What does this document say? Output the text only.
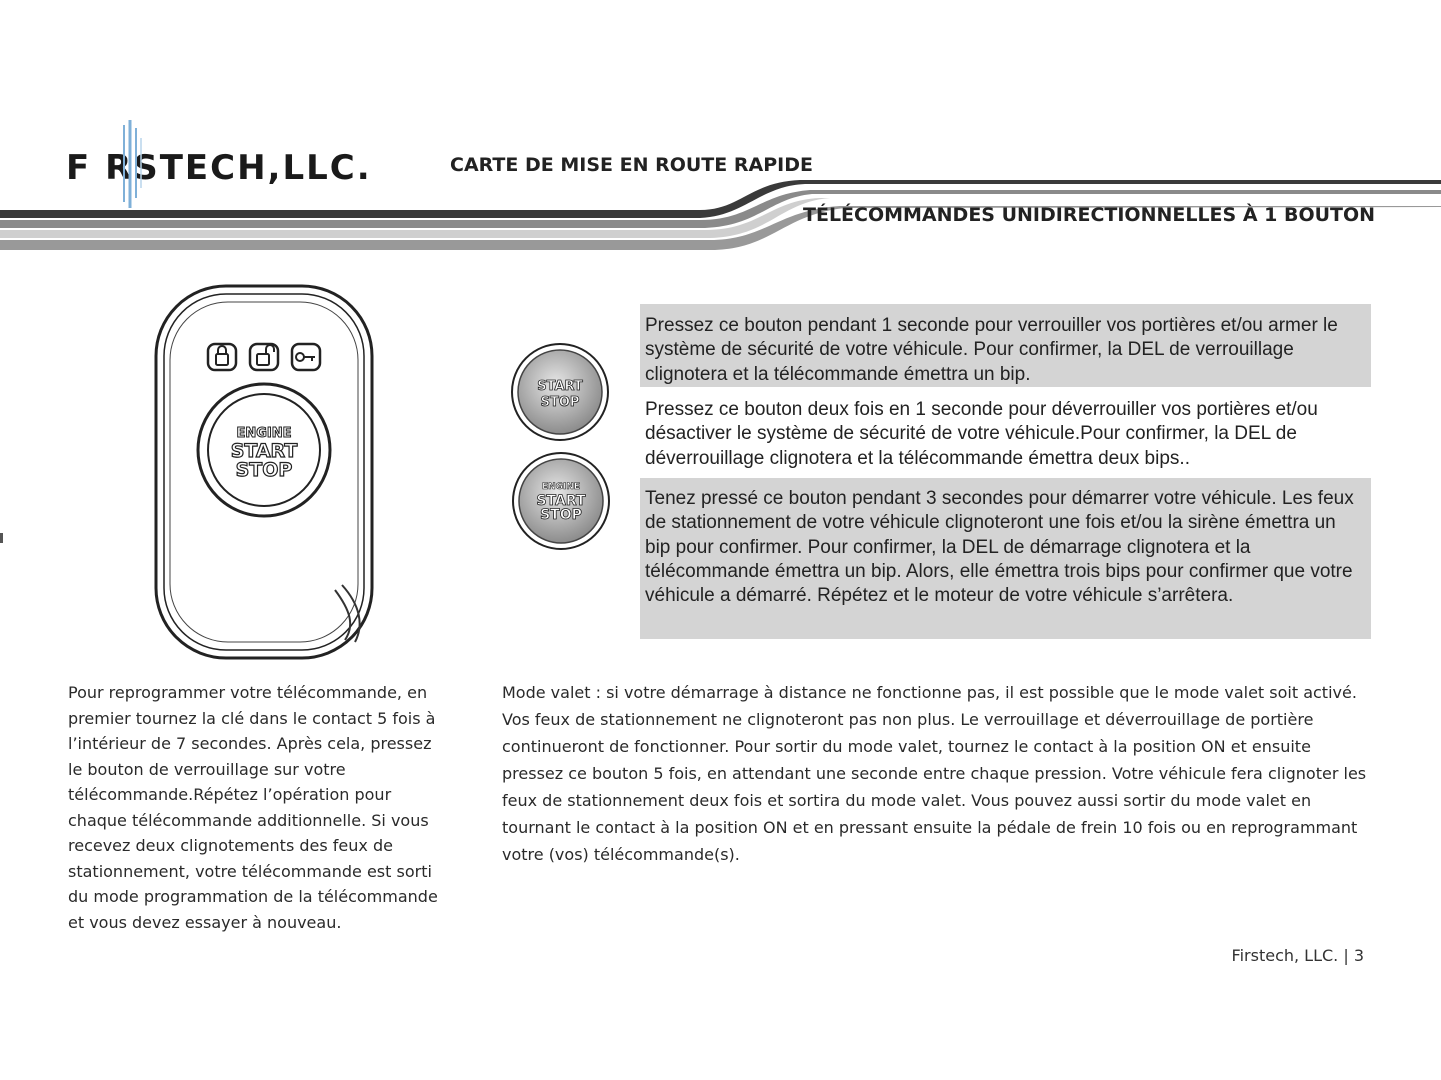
F RSTECH,LLC.	CARTE DE MISE EN ROUTE RAPIDE
TÉLÉCOMMANDES UNIDIRECTIONNELLES À 1 BOUTON
ENGINE
START
STOP
START
STOP
ENGINE
START
STOP
Pressez ce bouton pendant 1 seconde pour verrouiller vos portières et/ou armer le système de sécurité de votre véhicule. Pour confirmer, la DEL de verrouillage clignotera et la télécommande émettra un bip.
Pressez ce bouton deux fois en 1 seconde pour déverrouiller vos portières et/ou désactiver le système de sécurité de votre véhicule.Pour confirmer, la DEL de déverrouillage clignotera et la télécommande émettra deux bips..
Tenez pressé ce bouton pendant 3 secondes pour démarrer votre véhicule. Les feux de stationnement de votre véhicule clignoteront une fois et/ou la sirène émettra un bip pour confirmer. Pour confirmer, la DEL de démarrage clignotera et la télécommande émettra un bip. Alors, elle émettra trois bips pour confirmer que votre véhicule a démarré. Répétez et le moteur de votre véhicule s’arrêtera.
Pour reprogrammer votre télécommande, en premier tournez la clé dans le contact 5 fois à l’intérieur de 7 secondes. Après cela, pressez le bouton de verrouillage sur votre télécommande.Répétez l’opération pour chaque télécommande additionnelle. Si vous recevez deux clignotements des feux de stationnement, votre télécommande est sorti du mode programmation de la télécommande et vous devez essayer à nouveau.
Mode valet : si votre démarrage à distance ne fonctionne pas, il est possible que le mode valet soit activé. Vos feux de stationnement ne clignoteront pas non plus. Le verrouillage et déverrouillage de portière continueront de fonctionner. Pour sortir du mode valet, tournez le contact à la position ON et ensuite pressez ce bouton 5 fois, en attendant une seconde entre chaque pression. Votre véhicule fera clignoter les feux de stationnement deux fois et sortira du mode valet. Vous pouvez aussi sortir du mode valet en tournant le contact à la position ON et en pressant ensuite la pédale de frein 10 fois ou en reprogrammant votre (vos) télécommande(s).
Firstech, LLC. | 3
